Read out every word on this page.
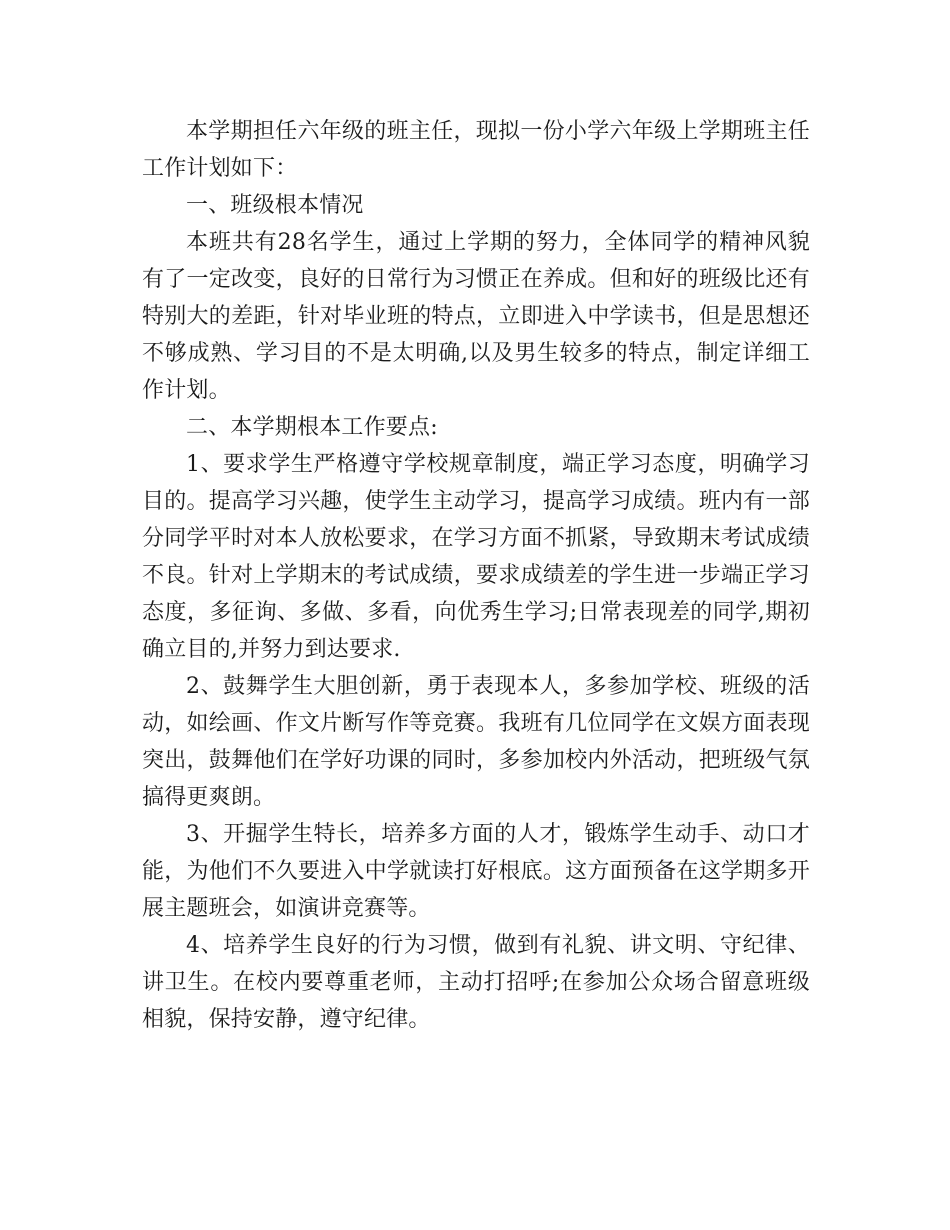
本学期担任六年级的班主任，现拟一份小学六年级上学期班主任工作计划如下：

一、班级根本情况

本班共有28名学生，通过上学期的努力，全体同学的精神风貌有了一定改变，良好的日常行为习惯正在养成。但和好的班级比还有特别大的差距，针对毕业班的特点，立即进入中学读书，但是思想还不够成熟、学习目的不是太明确,以及男生较多的特点，制定详细工作计划。

二、本学期根本工作要点:

1、要求学生严格遵守学校规章制度，端正学习态度，明确学习目的。提高学习兴趣，使学生主动学习，提高学习成绩。班内有一部分同学平时对本人放松要求，在学习方面不抓紧，导致期末考试成绩不良。针对上学期末的考试成绩，要求成绩差的学生进一步端正学习态度，多征询、多做、多看，向优秀生学习;日常表现差的同学,期初确立目的,并努力到达要求.

2、鼓舞学生大胆创新，勇于表现本人，多参加学校、班级的活动，如绘画、作文片断写作等竞赛。我班有几位同学在文娱方面表现突出，鼓舞他们在学好功课的同时，多参加校内外活动，把班级气氛搞得更爽朗。

3、开掘学生特长，培养多方面的人才，锻炼学生动手、动口才能，为他们不久要进入中学就读打好根底。这方面预备在这学期多开展主题班会，如演讲竞赛等。

4、培养学生良好的行为习惯，做到有礼貌、讲文明、守纪律、讲卫生。在校内要尊重老师，主动打招呼;在参加公众场合留意班级相貌，保持安静，遵守纪律。
